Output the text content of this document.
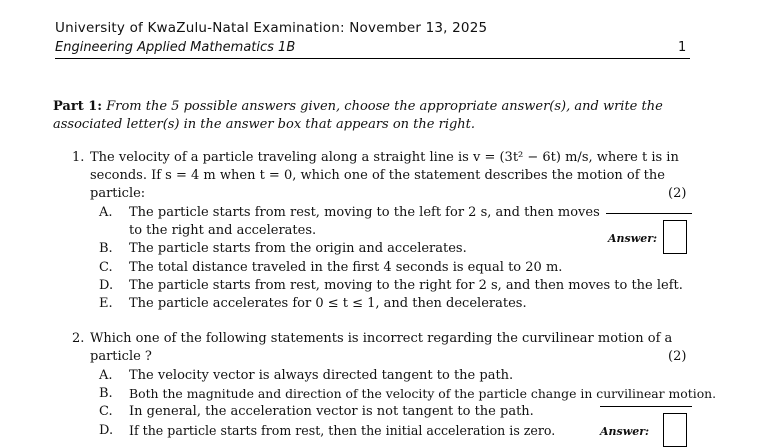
University of KwaZulu-Natal Examination: November 13, 2025
Engineering Applied Mathematics 1B	1
Part 1: From the 5 possible answers given, choose the appropriate answer(s), and write the
associated letter(s) in the answer box that appears on the right.
1. The velocity of a particle traveling along a straight line is v = (3t² − 6t) m/s, where t is in
seconds. If s = 4 m when t = 0, which one of the statement describes the motion of the
particle:	(2)
A. The particle starts from rest, moving to the left for 2 s, and then moves
to the right and accelerates.
B. The particle starts from the origin and accelerates.
C. The total distance traveled in the first 4 seconds is equal to 20 m.
D. The particle starts from rest, moving to the right for 2 s, and then moves to the left.
E. The particle accelerates for 0 ≤ t ≤ 1, and then decelerates.
Answer:
2. Which one of the following statements is incorrect regarding the curvilinear motion of a
particle ?	(2)
A. The velocity vector is always directed tangent to the path.
B. Both the magnitude and direction of the velocity of the particle change in curvilinear motion.
C. In general, the acceleration vector is not tangent to the path.
D. If the particle starts from rest, then the initial acceleration is zero.	Answer:
